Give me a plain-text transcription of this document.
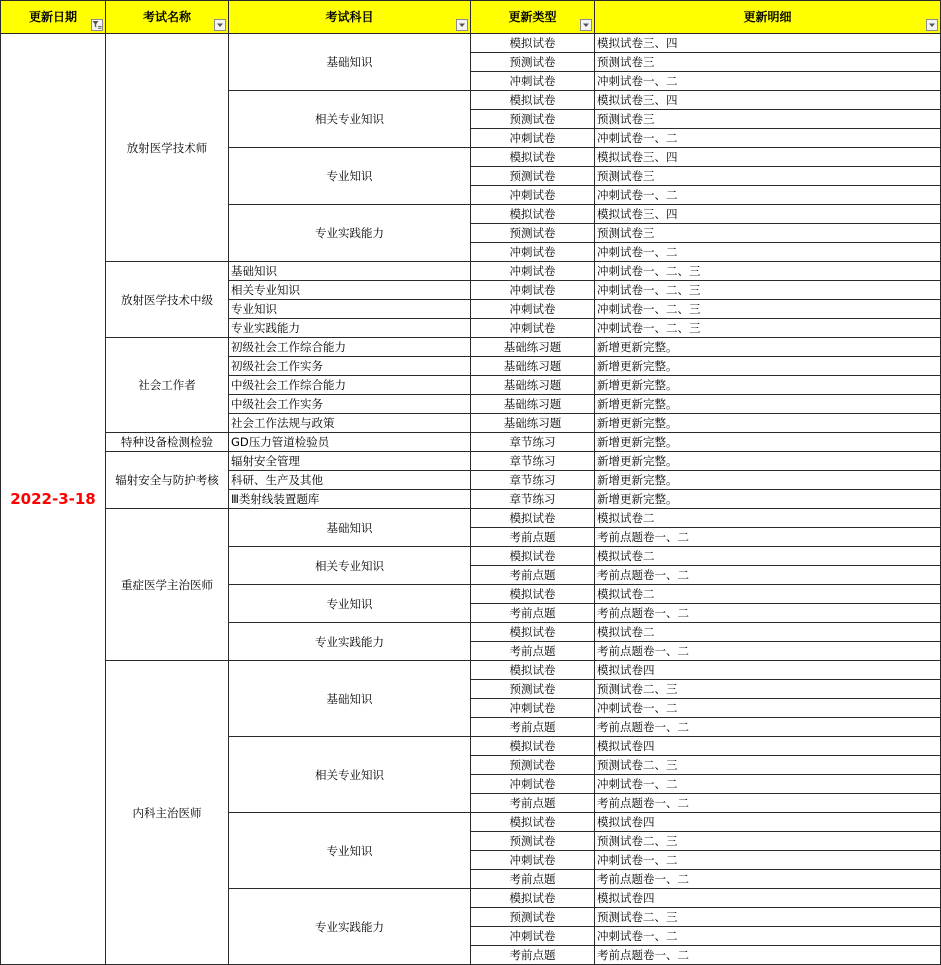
更新日期	考试名称	考试科目	更新类型	更新明细

2022-3-18	放射医学技术师	基础知识	模拟试卷	模拟试卷三、四
			预测试卷	预测试卷三
			冲刺试卷	冲刺试卷一、二
		相关专业知识	模拟试卷	模拟试卷三、四
			预测试卷	预测试卷三
			冲刺试卷	冲刺试卷一、二
		专业知识	模拟试卷	模拟试卷三、四
			预测试卷	预测试卷三
			冲刺试卷	冲刺试卷一、二
		专业实践能力	模拟试卷	模拟试卷三、四
			预测试卷	预测试卷三
			冲刺试卷	冲刺试卷一、二
	放射医学技术中级	基础知识	冲刺试卷	冲刺试卷一、二、三
		相关专业知识	冲刺试卷	冲刺试卷一、二、三
		专业知识	冲刺试卷	冲刺试卷一、二、三
		专业实践能力	冲刺试卷	冲刺试卷一、二、三
	社会工作者	初级社会工作综合能力	基础练习题	新增更新完整。
		初级社会工作实务	基础练习题	新增更新完整。
		中级社会工作综合能力	基础练习题	新增更新完整。
		中级社会工作实务	基础练习题	新增更新完整。
		社会工作法规与政策	基础练习题	新增更新完整。
	特种设备检测检验	GD压力管道检验员	章节练习	新增更新完整。
	辐射安全与防护考核	辐射安全管理	章节练习	新增更新完整。
		科研、生产及其他	章节练习	新增更新完整。
		Ⅲ类射线装置题库	章节练习	新增更新完整。
	重症医学主治医师	基础知识	模拟试卷	模拟试卷二
			考前点题	考前点题卷一、二
		相关专业知识	模拟试卷	模拟试卷二
			考前点题	考前点题卷一、二
		专业知识	模拟试卷	模拟试卷二
			考前点题	考前点题卷一、二
		专业实践能力	模拟试卷	模拟试卷二
			考前点题	考前点题卷一、二
	内科主治医师	基础知识	模拟试卷	模拟试卷四
			预测试卷	预测试卷二、三
			冲刺试卷	冲刺试卷一、二
			考前点题	考前点题卷一、二
		相关专业知识	模拟试卷	模拟试卷四
			预测试卷	预测试卷二、三
			冲刺试卷	冲刺试卷一、二
			考前点题	考前点题卷一、二
		专业知识	模拟试卷	模拟试卷四
			预测试卷	预测试卷二、三
			冲刺试卷	冲刺试卷一、二
			考前点题	考前点题卷一、二
		专业实践能力	模拟试卷	模拟试卷四
			预测试卷	预测试卷二、三
			冲刺试卷	冲刺试卷一、二
			考前点题	考前点题卷一、二
